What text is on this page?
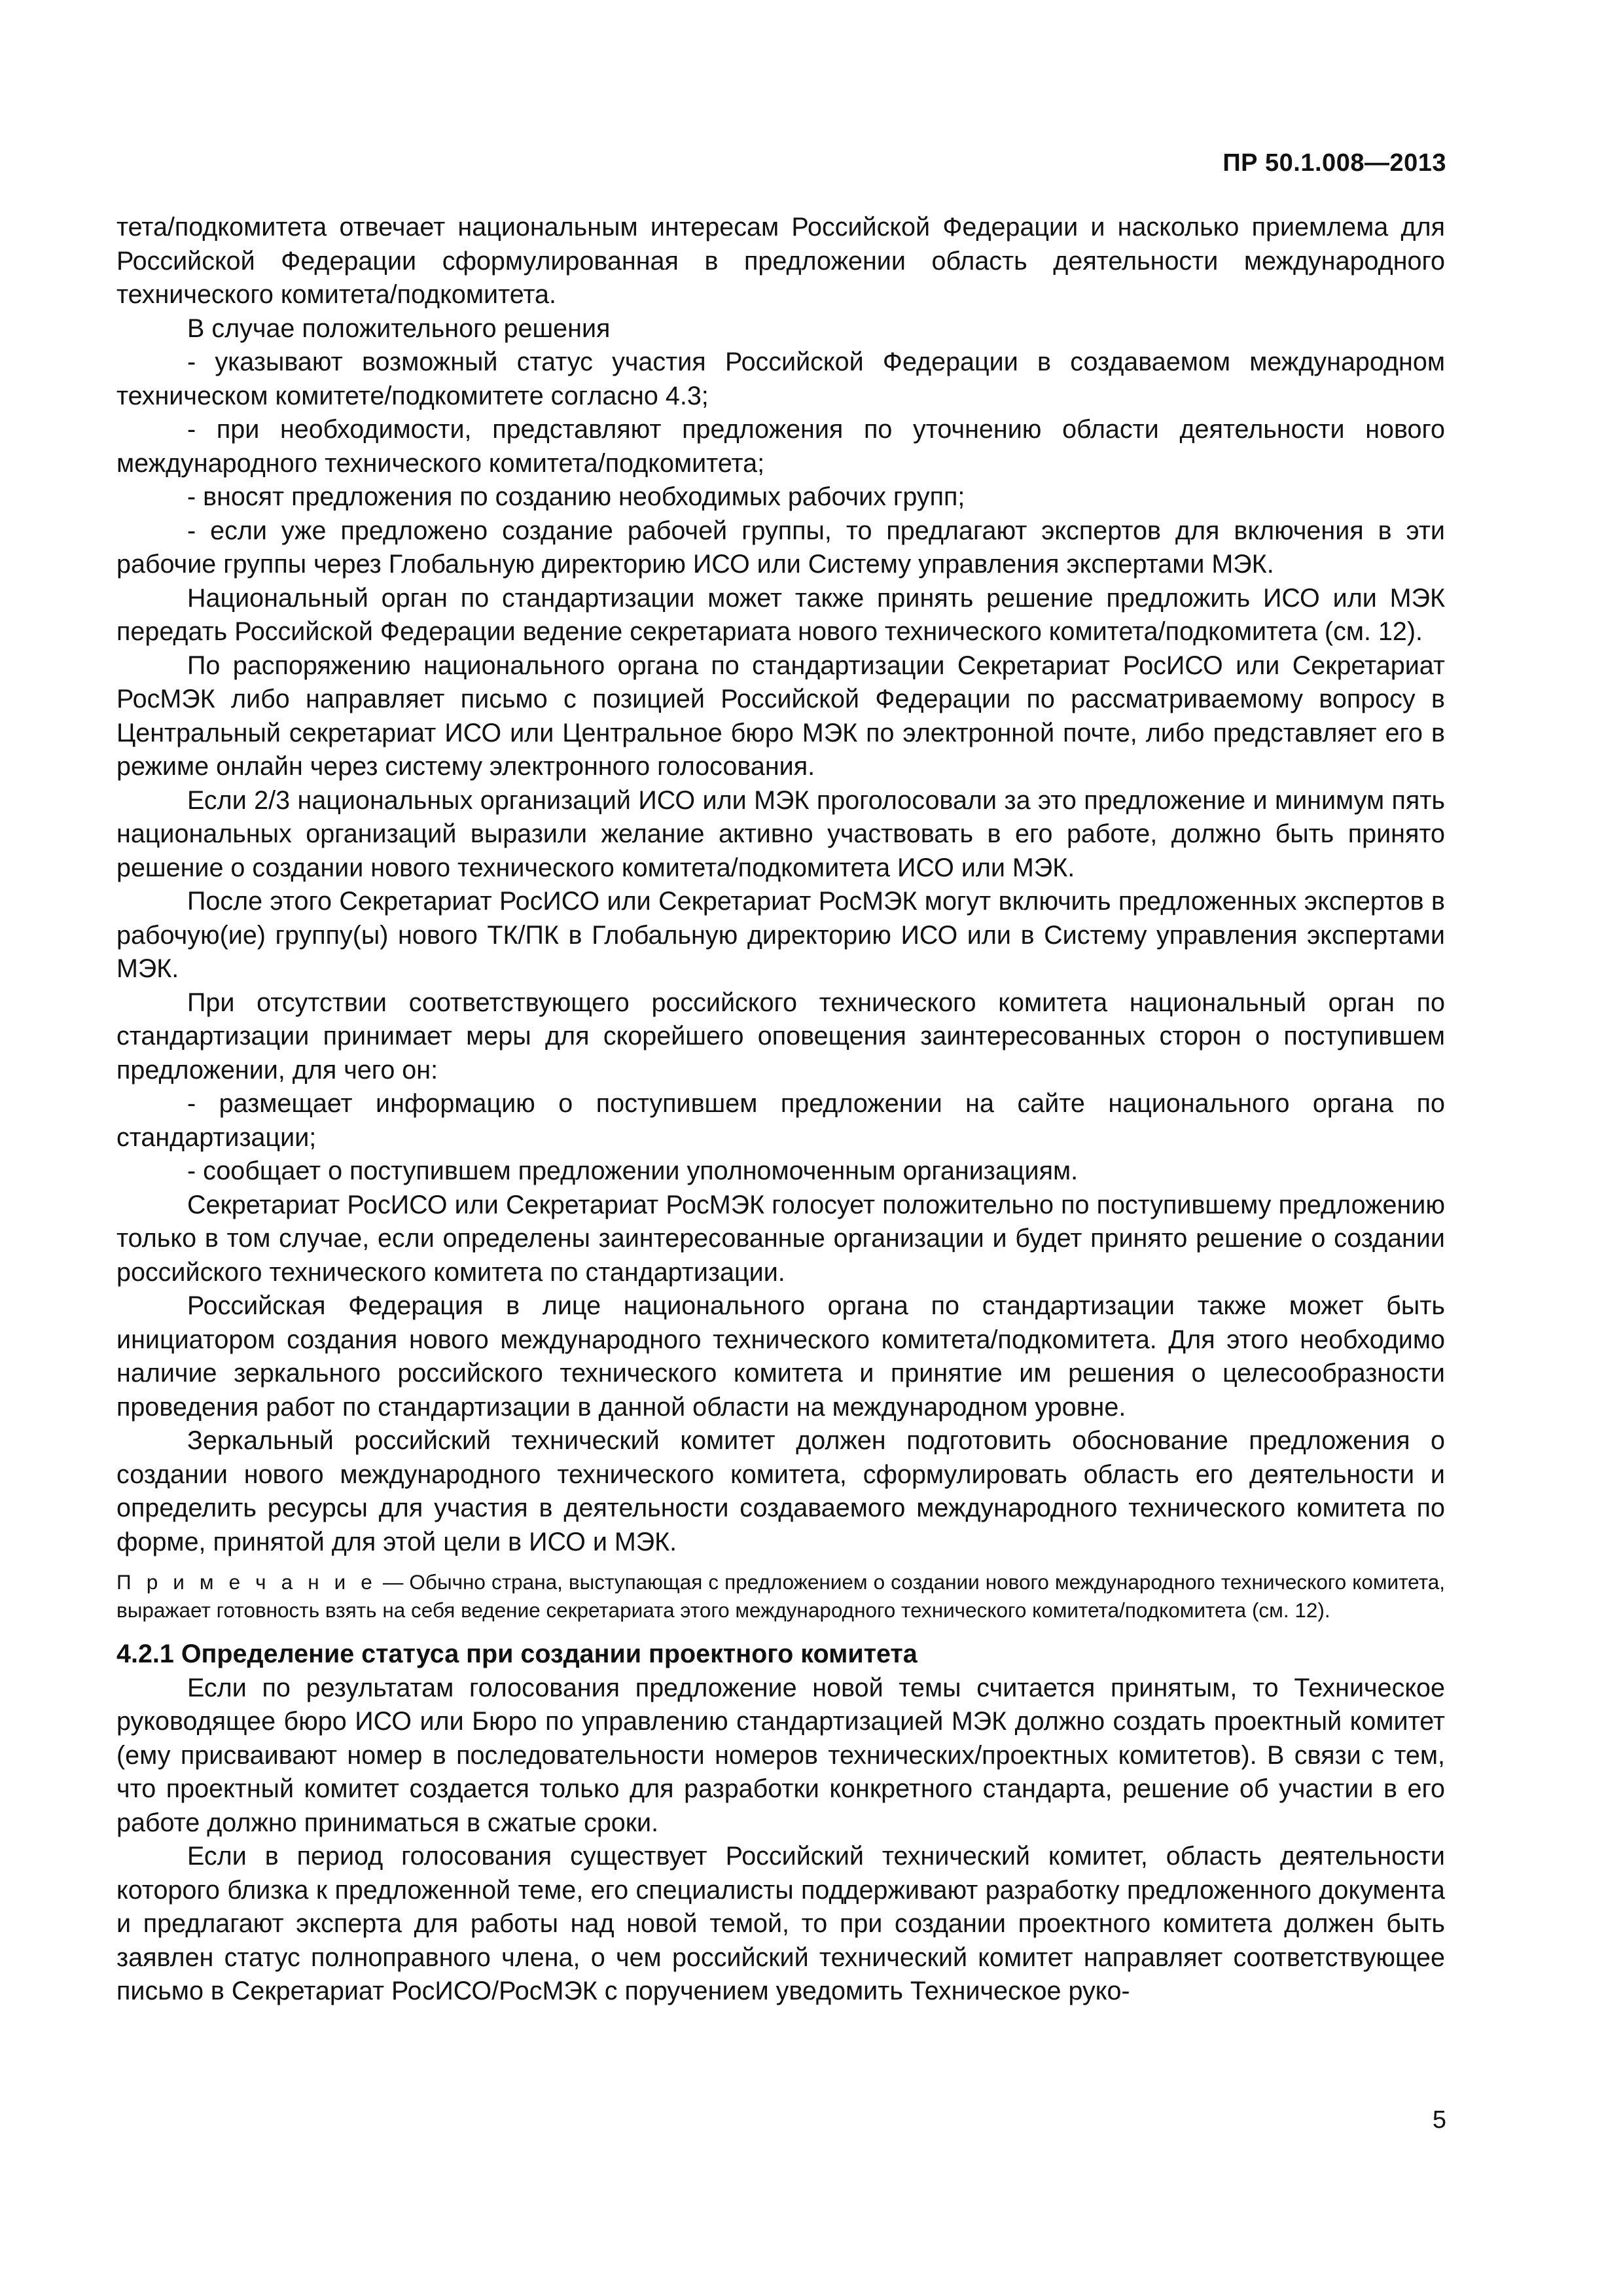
ПР 50.1.008—2013

тета/подкомитета отвечает национальным интересам Российской Федерации и насколько приемлема для Российской Федерации сформулированная в предложении область деятельности международного технического комитета/подкомитета.

В случае положительного решения

- указывают возможный статус участия Российской Федерации в создаваемом международном техническом комитете/подкомитете согласно 4.3;

- при необходимости, представляют предложения по уточнению области деятельности нового международного технического комитета/подкомитета;

- вносят предложения по созданию необходимых рабочих групп;

- если уже предложено создание рабочей группы, то предлагают экспертов для включения в эти рабочие группы через Глобальную директорию ИСО или Систему управления экспертами МЭК.

Национальный орган по стандартизации может также принять решение предложить ИСО или МЭК передать Российской Федерации ведение секретариата нового технического комитета/подкомитета (см. 12).

По распоряжению национального органа по стандартизации Секретариат РосИСО или Секретариат РосМЭК либо направляет письмо с позицией Российской Федерации по рассматриваемому вопросу в Центральный секретариат ИСО или Центральное бюро МЭК по электронной почте, либо представляет его в режиме онлайн через систему электронного голосования.

Если 2/3 национальных организаций ИСО или МЭК проголосовали за это предложение и минимум пять национальных организаций выразили желание активно участвовать в его работе, должно быть принято решение о создании нового технического комитета/подкомитета ИСО или МЭК.

После этого Секретариат РосИСО или Секретариат РосМЭК могут включить предложенных экспертов в рабочую(ие) группу(ы) нового ТК/ПК в Глобальную директорию ИСО или в Систему управления экспертами МЭК.

При отсутствии соответствующего российского технического комитета национальный орган по стандартизации принимает меры для скорейшего оповещения заинтересованных сторон о поступившем предложении, для чего он:

- размещает информацию о поступившем предложении на сайте национального органа по стандартизации;

- сообщает о поступившем предложении уполномоченным организациям.

Секретариат РосИСО или Секретариат РосМЭК голосует положительно по поступившему предложению только в том случае, если определены заинтересованные организации и будет принято решение о создании российского технического комитета по стандартизации.

Российская Федерация в лице национального органа по стандартизации также может быть инициатором создания нового международного технического комитета/подкомитета. Для этого необходимо наличие зеркального российского технического комитета и принятие им решения о целесообразности проведения работ по стандартизации в данной области на международном уровне.

Зеркальный российский технический комитет должен подготовить обоснование предложения о создании нового международного технического комитета, сформулировать область его деятельности и определить ресурсы для участия в деятельности создаваемого международного технического комитета по форме, принятой для этой цели в ИСО и МЭК.

П р и м е ч а н и е — Обычно страна, выступающая с предложением о создании нового международного технического комитета, выражает готовность взять на себя ведение секретариата этого международного технического комитета/подкомитета (см. 12).

4.2.1 Определение статуса при создании проектного комитета

Если по результатам голосования предложение новой темы считается принятым, то Техническое руководящее бюро ИСО или Бюро по управлению стандартизацией МЭК должно создать проектный комитет (ему присваивают номер в последовательности номеров технических/проектных комитетов). В связи с тем, что проектный комитет создается только для разработки конкретного стандарта, решение об участии в его работе должно приниматься в сжатые сроки.

Если в период голосования существует Российский технический комитет, область деятельности которого близка к предложенной теме, его специалисты поддерживают разработку предложенного документа и предлагают эксперта для работы над новой темой, то при создании проектного комитета должен быть заявлен статус полноправного члена, о чем российский технический комитет направляет соответствующее письмо в Секретариат РосИСО/РосМЭК с поручением уведомить Техническое руко-

5
